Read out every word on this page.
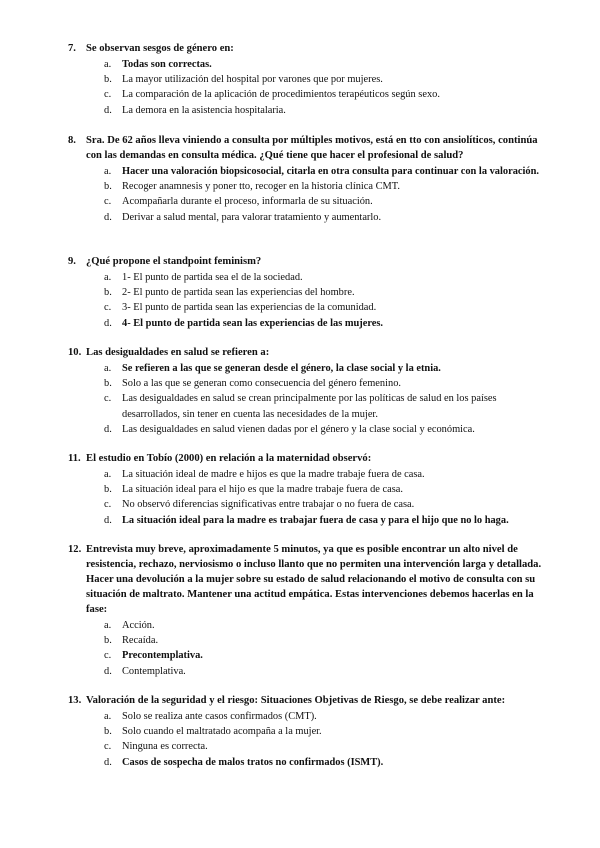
7. Se observan sesgos de género en:
a. Todas son correctas.
b. La mayor utilización del hospital por varones que por mujeres.
c. La comparación de la aplicación de procedimientos terapéuticos según sexo.
d. La demora en la asistencia hospitalaria.
8. Sra. De 62 años lleva viniendo a consulta por múltiples motivos, está en tto con ansiolíticos, continúa con las demandas en consulta médica. ¿Qué tiene que hacer el profesional de salud?
a. Hacer una valoración biopsicosocial, citarla en otra consulta para continuar con la valoración.
b. Recoger anamnesis y poner tto, recoger en la historia clínica CMT.
c. Acompañarla durante el proceso, informarla de su situación.
d. Derivar a salud mental, para valorar tratamiento y aumentarlo.
9. ¿Qué propone el standpoint feminism?
a. 1- El punto de partida sea el de la sociedad.
b. 2- El punto de partida sean las experiencias del hombre.
c. 3- El punto de partida sean las experiencias de la comunidad.
d. 4- El punto de partida sean las experiencias de las mujeres.
10. Las desigualdades en salud se refieren a:
a. Se refieren a las que se generan desde el género, la clase social y la etnia.
b. Solo a las que se generan como consecuencia del género femenino.
c. Las desigualdades en salud se crean principalmente por las políticas de salud en los países desarrollados, sin tener en cuenta las necesidades de la mujer.
d. Las desigualdades en salud vienen dadas por el género y la clase social y económica.
11. El estudio en Tobío (2000) en relación a la maternidad observó:
a. La situación ideal de madre e hijos es que la madre trabaje fuera de casa.
b. La situación ideal para el hijo es que la madre trabaje fuera de casa.
c. No observó diferencias significativas entre trabajar o no fuera de casa.
d. La situación ideal para la madre es trabajar fuera de casa y para el hijo que no lo haga.
12. Entrevista muy breve, aproximadamente 5 minutos, ya que es posible encontrar un alto nivel de resistencia, rechazo, nerviosismo o incluso llanto que no permiten una intervención larga y detallada. Hacer una devolución a la mujer sobre su estado de salud relacionando el motivo de consulta con su situación de maltrato. Mantener una actitud empática. Estas intervenciones debemos hacerlas en la fase:
a. Acción.
b. Recaída.
c. Precontemplativa.
d. Contemplativa.
13. Valoración de la seguridad y el riesgo: Situaciones Objetivas de Riesgo, se debe realizar ante:
a. Solo se realiza ante casos confirmados (CMT).
b. Solo cuando el maltratado acompaña a la mujer.
c. Ninguna es correcta.
d. Casos de sospecha de malos tratos no confirmados (ISMT).
